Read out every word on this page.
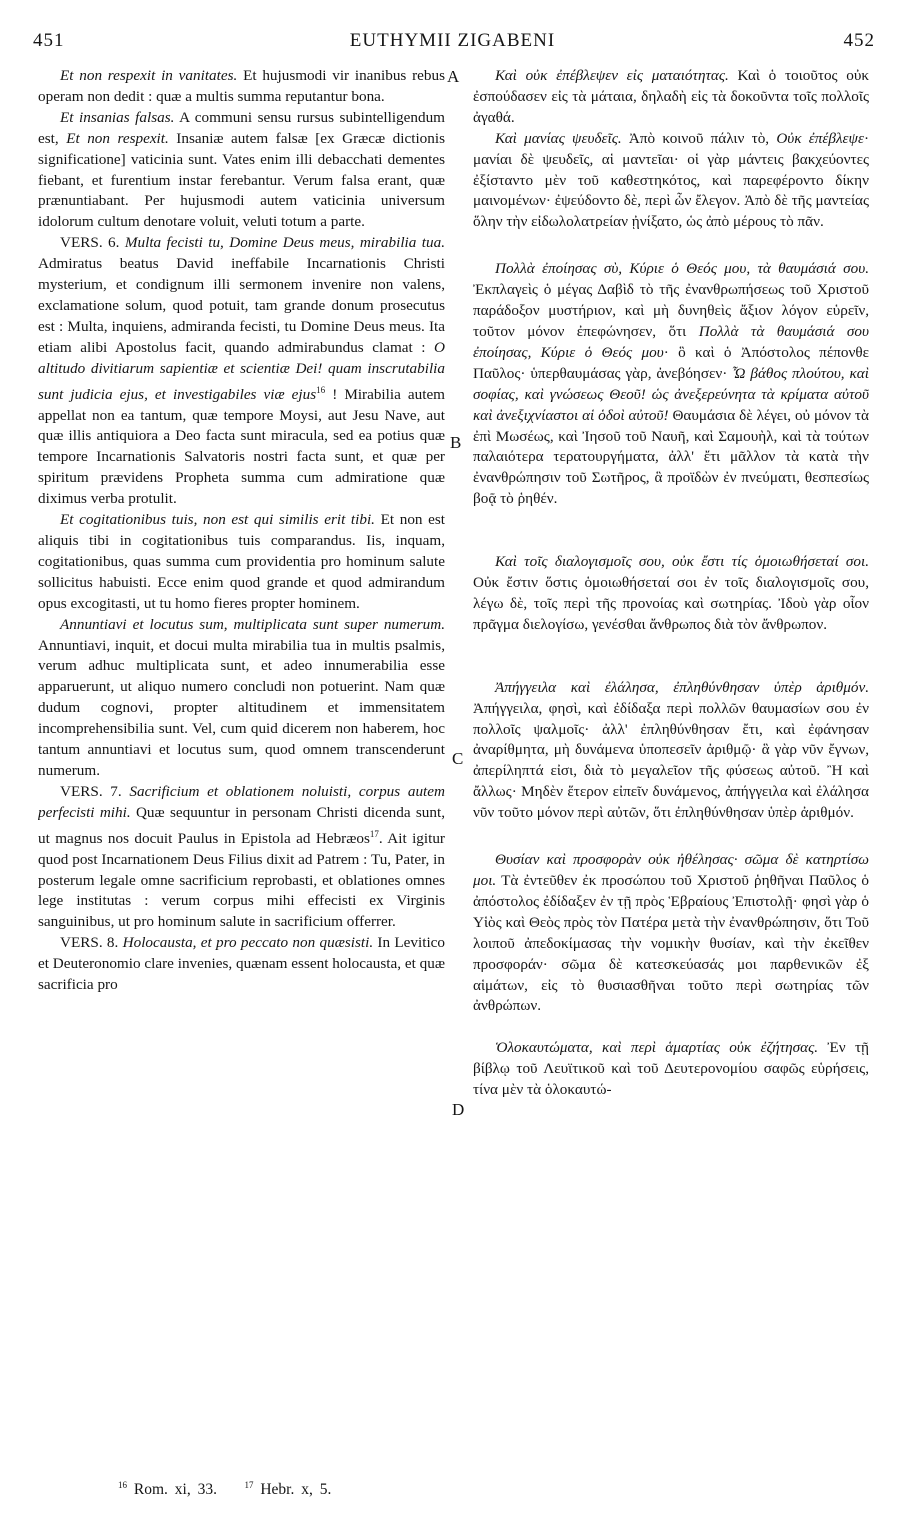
451	EUTHYMII ZIGABENI	452
A
B
C
D

Et non respexit in vanitates. Et hujusmodi vir inanibus rebus operam non dedit : quæ a multis summa reputantur bona.

Et insanias falsas. A communi sensu rursus subintelligendum est, Et non respexit. Insaniæ autem falsæ [ex Græcæ dictionis significatione] vaticinia sunt. Vates enim illi debacchati dementes fiebant, et furentium instar ferebantur. Verum falsa erant, quæ prænuntiabant. Per hujusmodi autem vaticinia universum idolorum cultum denotare voluit, veluti totum a parte.

VERS. 6. Multa fecisti tu, Domine Deus meus, mirabilia tua. Admiratus beatus David ineffabile Incarnationis Christi mysterium, et condignum illi sermonem invenire non valens, exclamatione solum, quod potuit, tam grande donum prosecutus est : Multa, inquiens, admiranda fecisti, tu Domine Deus meus. Ita etiam alibi Apostolus facit, quando admirabundus clamat : O altitudo divitiarum sapientiæ et scientiæ Dei! quam inscrutabilia sunt judicia ejus, et investigabiles viæ ejus$^{16}$ ! Mirabilia autem appellat non ea tantum, quæ tempore Moysi, aut Jesu Nave, aut quæ illis antiquiora a Deo facta sunt miracula, sed ea potius quæ tempore Incarnationis Salvatoris nostri facta sunt, et quæ per spiritum prævidens Propheta summa cum admiratione quæ diximus verba protulit.

Et cogitationibus tuis, non est qui similis erit tibi. Et non est aliquis tibi in cogitationibus tuis comparandus. Iis, inquam, cogitationibus, quas summa cum providentia pro hominum salute sollicitus habuisti. Ecce enim quod grande et quod admirandum opus excogitasti, ut tu homo fieres propter hominem.

Annuntiavi et locutus sum, multiplicata sunt super numerum. Annuntiavi, inquit, et docui multa mirabilia tua in multis psalmis, verum adhuc multiplicata sunt, et adeo innumerabilia esse apparuerunt, ut aliquo numero concludi non potuerint. Nam quæ dudum cognovi, propter altitudinem et immensitatem incomprehensibilia sunt. Vel, cum quid dicerem non haberem, hoc tantum annuntiavi et locutus sum, quod omnem transcenderunt numerum.

VERS. 7. Sacrificium et oblationem noluisti, corpus autem perfecisti mihi. Quæ sequuntur in personam Christi dicenda sunt, ut magnus nos docuit Paulus in Epistola ad Hebræos$^{17}$. Ait igitur quod post Incarnationem Deus Filius dixit ad Patrem : Tu, Pater, in posterum legale omne sacrificium reprobasti, et oblationes omnes lege institutas : verum corpus mihi effecisti ex Virginis sanguinibus, ut pro hominum salute in sacrificium offerrer.

VERS. 8. Holocausta, et pro peccato non quæsisti. In Levitico et Deuteronomio clare invenies, quænam essent holocausta, et quæ sacrificia pro

Καὶ οὐκ ἐπέβλεψεν εἰς ματαιότητας. Καὶ ὁ τοιοῦτος οὐκ ἐσπούδασεν εἰς τὰ μάταια, δηλαδὴ εἰς τὰ δοκοῦντα τοῖς πολλοῖς ἀγαθά.

Καὶ μανίας ψευδεῖς. Ἀπὸ κοινοῦ πάλιν τὸ, Οὐκ ἐπέβλεψε· μανίαι δὲ ψευδεῖς, αἱ μαντεῖαι· οἱ γὰρ μάντεις βακχεύοντες ἐξίσταντο μὲν τοῦ καθεστηκότος, καὶ παρεφέροντο δίκην μαινομένων· ἐψεύδοντο δὲ, περὶ ὧν ἔλεγον. Ἀπὸ δὲ τῆς μαντείας ὅλην τὴν εἰδωλολατρείαν ᾐνίξατο, ὡς ἀπὸ μέρους τὸ πᾶν.

Πολλὰ ἐποίησας σὺ, Κύριε ὁ Θεός μου, τὰ θαυμάσιά σου. Ἐκπλαγεὶς ὁ μέγας Δαβὶδ τὸ τῆς ἐνανθρωπήσεως τοῦ Χριστοῦ παράδοξον μυστήριον, καὶ μὴ δυνηθεὶς ἄξιον λόγον εὑρεῖν, τοῦτον μόνον ἐπεφώνησεν, ὅτι Πολλὰ τὰ θαυμάσιά σου ἐποίησας, Κύριε ὁ Θεός μου· ὃ καὶ ὁ Ἀπόστολος πέπονθε Παῦλος· ὑπερθαυμάσας γὰρ, ἀνεβόησεν· Ὦ βάθος πλούτου, καὶ σοφίας, καὶ γνώσεως Θεοῦ! ὡς ἀνεξερεύνητα τὰ κρίματα αὐτοῦ καὶ ἀνεξιχνίαστοι αἱ ὁδοὶ αὐτοῦ! Θαυμάσια δὲ λέγει, οὐ μόνον τὰ ἐπὶ Μωσέως, καὶ Ἰησοῦ τοῦ Ναυῆ, καὶ Σαμουὴλ, καὶ τὰ τούτων παλαιότερα τερατουργήματα, ἀλλ' ἔτι μᾶλλον τὰ κατὰ τὴν ἐνανθρώπησιν τοῦ Σωτῆρος, ἃ προϊδὼν ἐν πνεύματι, θεσπεσίως βοᾷ τὸ ῥηθέν.

Καὶ τοῖς διαλογισμοῖς σου, οὐκ ἔστι τίς ὁμοιωθήσεταί σοι. Οὐκ ἔστιν ὅστις ὁμοιωθήσεταί σοι ἐν τοῖς διαλογισμοῖς σου, λέγω δὲ, τοῖς περὶ τῆς προνοίας καὶ σωτηρίας. Ἰδοὺ γὰρ οἷον πρᾶγμα διελογίσω, γενέσθαι ἄνθρωπος διὰ τὸν ἄνθρωπον.

Ἀπήγγειλα καὶ ἐλάλησα, ἐπληθύνθησαν ὑπὲρ ἀριθμόν. Ἀπήγγειλα, φησὶ, καὶ ἐδίδαξα περὶ πολλῶν θαυμασίων σου ἐν πολλοῖς ψαλμοῖς· ἀλλ' ἐπληθύνθησαν ἔτι, καὶ ἐφάνησαν ἀναρίθμητα, μὴ δυνάμενα ὑποπεσεῖν ἀριθμῷ· ἃ γὰρ νῦν ἔγνων, ἀπερίληπτά εἰσι, διὰ τὸ μεγαλεῖον τῆς φύσεως αὐτοῦ. Ἢ καὶ ἄλλως· Μηδὲν ἕτερον εἰπεῖν δυνάμενος, ἀπήγγειλα καὶ ἐλάλησα νῦν τοῦτο μόνον περὶ αὐτῶν, ὅτι ἐπληθύνθησαν ὑπὲρ ἀριθμόν.

Θυσίαν καὶ προσφορὰν οὐκ ἠθέλησας· σῶμα δὲ κατηρτίσω μοι. Τὰ ἐντεῦθεν ἐκ προσώπου τοῦ Χριστοῦ ῥηθῆναι Παῦλος ὁ ἀπόστολος ἐδίδαξεν ἐν τῇ πρὸς Ἑβραίους Ἐπιστολῇ· φησὶ γὰρ ὁ Υἱὸς καὶ Θεὸς πρὸς τὸν Πατέρα μετὰ τὴν ἐνανθρώπησιν, ὅτι Τοῦ λοιποῦ ἀπεδοκίμασας τὴν νομικὴν θυσίαν, καὶ τὴν ἐκεῖθεν προσφοράν· σῶμα δὲ κατεσκεύασάς μοι παρθενικῶν ἐξ αἱμάτων, εἰς τὸ θυσιασθῆναι τοῦτο περὶ σωτηρίας τῶν ἀνθρώπων.

Ὁλοκαυτώματα, καὶ περὶ ἁμαρτίας οὐκ ἐζήτησας. Ἐν τῇ βίβλῳ τοῦ Λευϊτικοῦ καὶ τοῦ Δευτερονομίου σαφῶς εὑρήσεις, τίνα μὲν τὰ ὁλοκαυτώ-

$^{16}$ Rom. xi, 33.	$^{17}$ Hebr. x, 5.
